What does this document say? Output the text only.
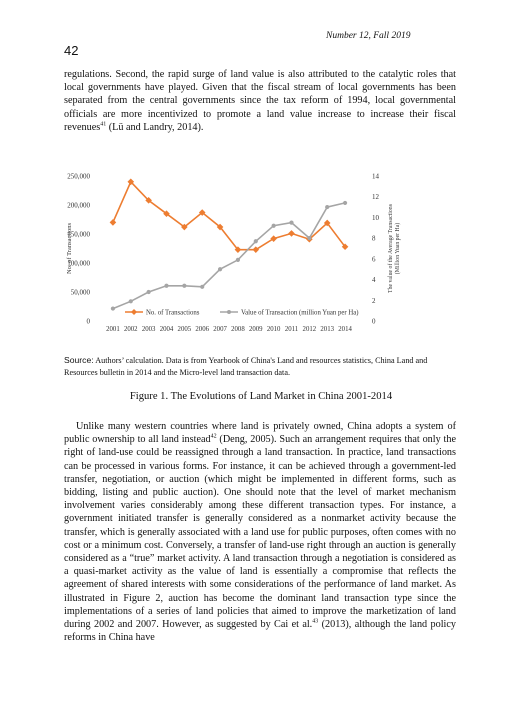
Number 12, Fall 2019
42

regulations. Second, the rapid surge of land value is also attributed to the catalytic roles that local governments have played. Given that the fiscal stream of local governments has been separated from the central governments since the tax reform of 1994, local governmental officials are more incentivized to promote a land value increase to increase their fiscal revenues$^{41}$ (Lü and Landry, 2014).

0
50,000
100,000
150,000
200,000
250,000
0
2
4
6
8
10
12
14
2001 2002 2003 2004 2005 2006 2007 2008 2009 2010 2011 2012 2013 2014
No. of Transactions	The value of the Average Transactions (Million Yuan per Ha)
No. of Transactions	Value of Transaction (million Yuan per Ha)

Source: Authors’ calculation. Data is from Yearbook of China's Land and resources statistics, China Land and Resources bulletin in 2014 and the Micro-level land transaction data.

Figure 1. The Evolutions of Land Market in China 2001-2014

Unlike many western countries where land is privately owned, China adopts a system of public ownership to all land instead$^{42}$ (Deng, 2005). Such an arrangement requires that only the right of land-use could be reassigned through a land transaction. In practice, land transactions can be processed in various forms. For instance, it can be achieved through a government-led transfer, negotiation, or auction (which might be implemented in different forms, such as bidding, listing and public auction). One should note that the level of market mechanism involvement varies considerably among these different transaction types. For instance, a government initiated transfer is generally considered as a nonmarket activity because the transfer, which is generally associated with a land use for public purposes, often comes with no cost or a minimum cost. Conversely, a transfer of land-use right through an auction is generally considered as a “true” market activity. A land transaction through a negotiation is considered as a quasi-market activity as the value of land is essentially a compromise that reflects the agreement of shared interests with some considerations of the performance of land market. As illustrated in Figure 2, auction has become the dominant land transaction type since the implementations of a series of land policies that aimed to improve the marketization of land during 2002 and 2007. However, as suggested by Cai et al.$^{43}$ (2013), although the land policy reforms in China have
